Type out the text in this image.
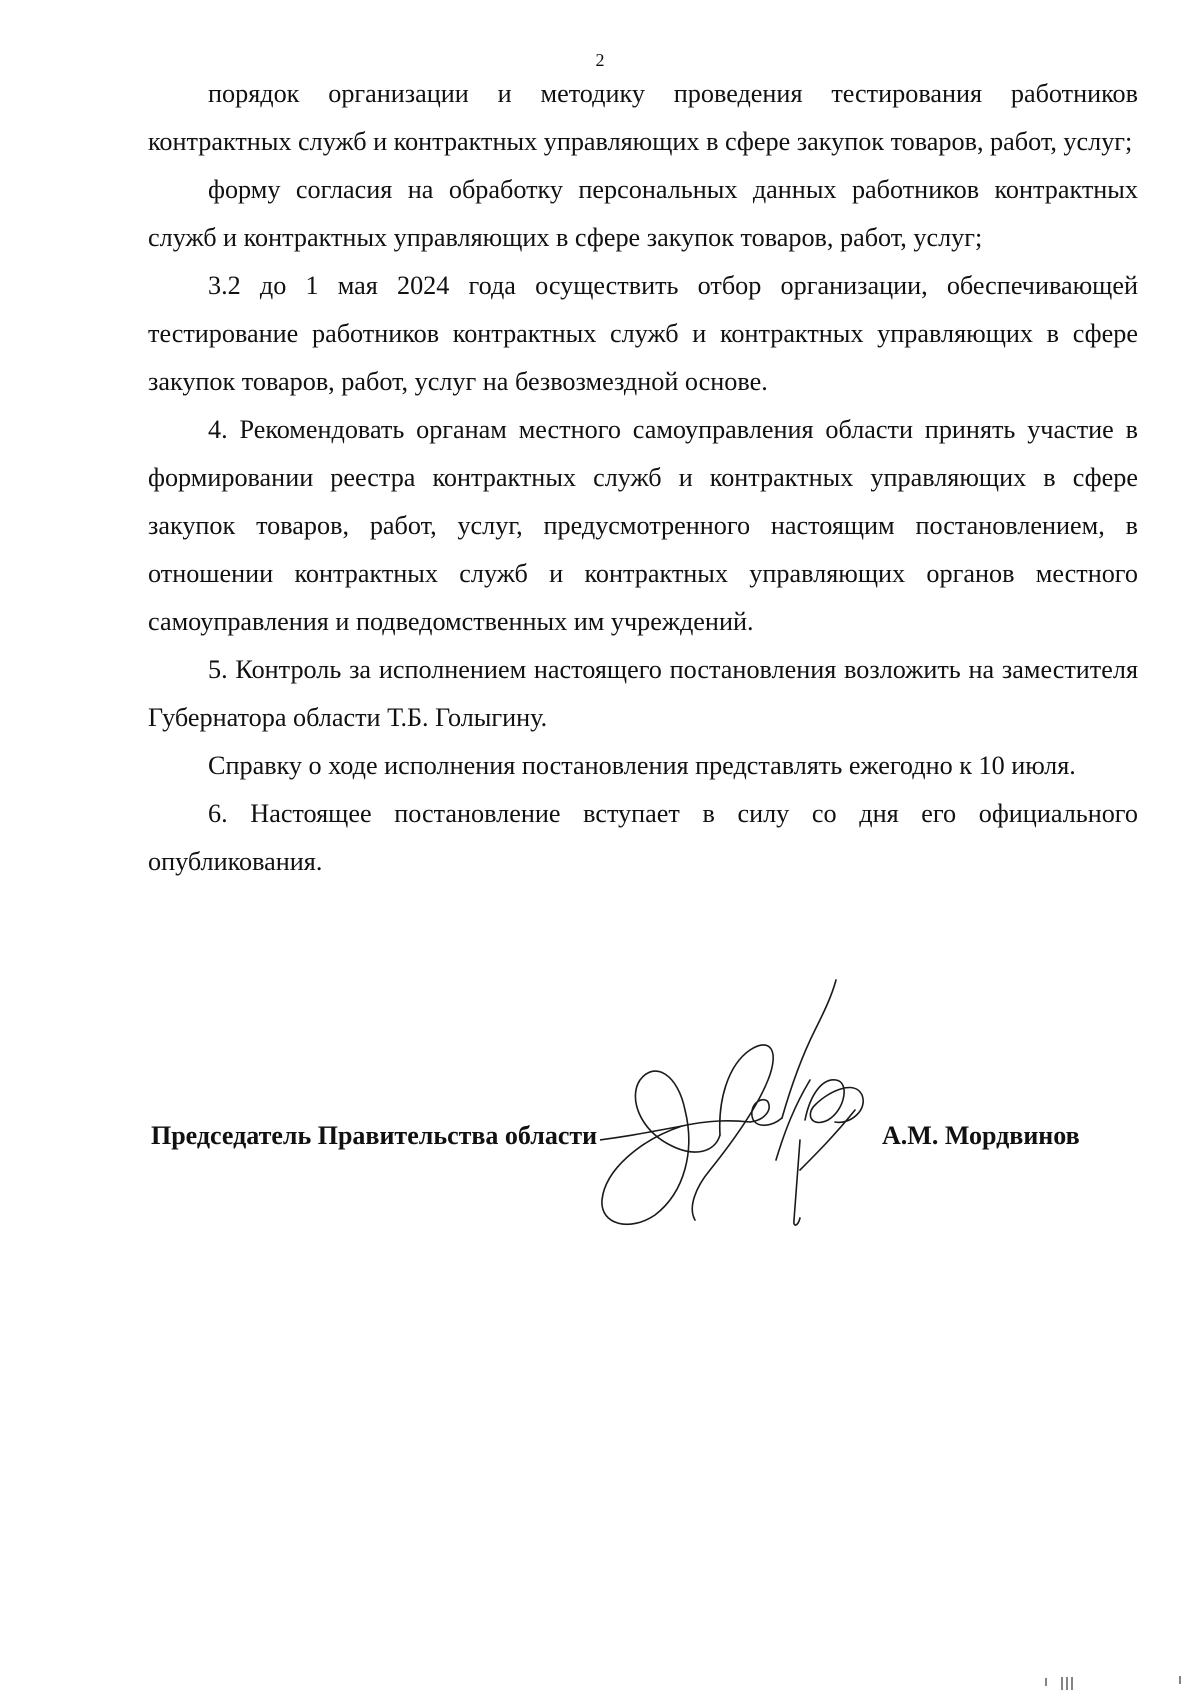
2

порядок организации и методику проведения тестирования работников контрактных служб и контрактных управляющих в сфере закупок товаров, работ, услуг;

форму согласия на обработку персональных данных работников контрактных служб и контрактных управляющих в сфере закупок товаров, работ, услуг;

3.2 до 1 мая 2024 года осуществить отбор организации, обеспечивающей тестирование работников контрактных служб и контрактных управляющих в сфере закупок товаров, работ, услуг на безвозмездной основе.

4. Рекомендовать органам местного самоуправления области принять участие в формировании реестра контрактных служб и контрактных управляющих в сфере закупок товаров, работ, услуг, предусмотренного настоящим постановлением, в отношении контрактных служб и контрактных управляющих органов местного самоуправления и подведомственных им учреждений.

5. Контроль за исполнением настоящего постановления возложить на заместителя Губернатора области Т.Б. Голыгину.

Справку о ходе исполнения постановления представлять ежегодно к 10 июля.

6. Настоящее постановление вступает в силу со дня его официального опубликования.

Председатель Правительства области	А.М. Мордвинов
